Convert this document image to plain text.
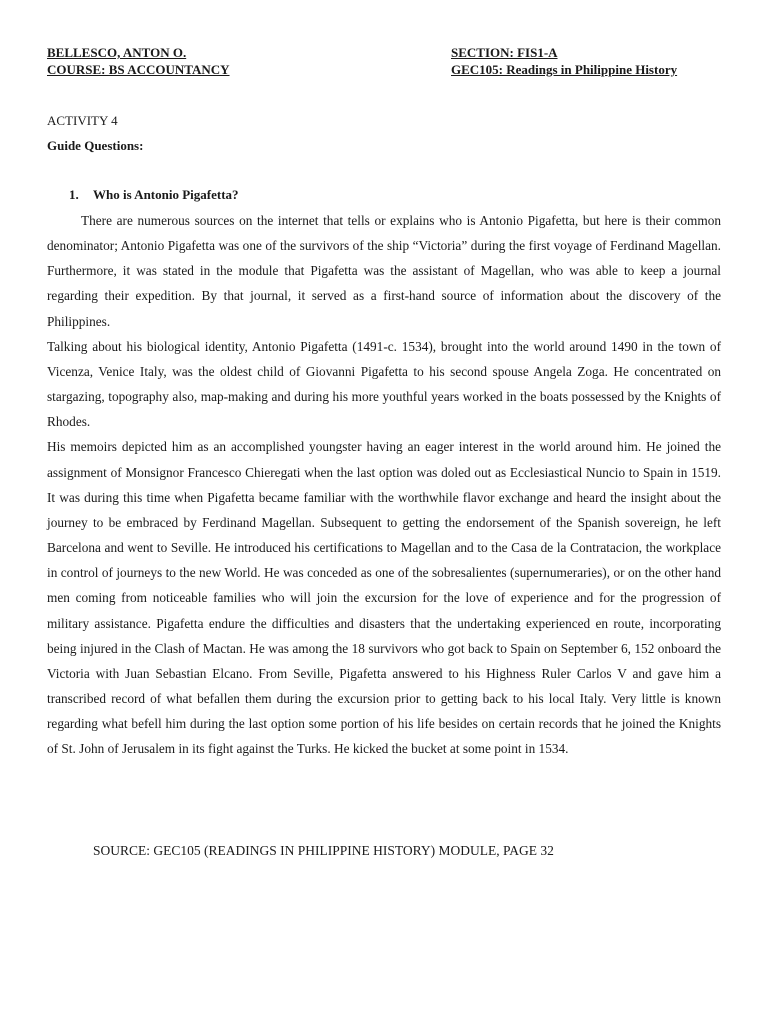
BELLESCO, ANTON O.
COURSE: BS ACCOUNTANCY
SECTION: FIS1-A
GEC105: Readings in Philippine History
ACTIVITY 4
Guide Questions:
1. Who is Antonio Pigafetta?

There are numerous sources on the internet that tells or explains who is Antonio Pigafetta, but here is their common denominator; Antonio Pigafetta was one of the survivors of the ship “Victoria” during the first voyage of Ferdinand Magellan. Furthermore, it was stated in the module that Pigafetta was the assistant of Magellan, who was able to keep a journal regarding their expedition. By that journal, it served as a first-hand source of information about the discovery of the Philippines.

Talking about his biological identity, Antonio Pigafetta (1491-c. 1534), brought into the world around 1490 in the town of Vicenza, Venice Italy, was the oldest child of Giovanni Pigafetta to his second spouse Angela Zoga. He concentrated on stargazing, topography also, map-making and during his more youthful years worked in the boats possessed by the Knights of Rhodes.

His memoirs depicted him as an accomplished youngster having an eager interest in the world around him. He joined the assignment of Monsignor Francesco Chieregati when the last option was doled out as Ecclesiastical Nuncio to Spain in 1519. It was during this time when Pigafetta became familiar with the worthwhile flavor exchange and heard the insight about the journey to be embraced by Ferdinand Magellan. Subsequent to getting the endorsement of the Spanish sovereign, he left Barcelona and went to Seville. He introduced his certifications to Magellan and to the Casa de la Contratacion, the workplace in control of journeys to the new World. He was conceded as one of the sobresalientes (supernumeraries), or on the other hand men coming from noticeable families who will join the excursion for the love of experience and for the progression of military assistance. Pigafetta endure the difficulties and disasters that the undertaking experienced en route, incorporating being injured in the Clash of Mactan. He was among the 18 survivors who got back to Spain on September 6, 152 onboard the Victoria with Juan Sebastian Elcano. From Seville, Pigafetta answered to his Highness Ruler Carlos V and gave him a transcribed record of what befallen them during the excursion prior to getting back to his local Italy. Very little is known regarding what befell him during the last option some portion of his life besides on certain records that he joined the Knights of St. John of Jerusalem in its fight against the Turks. He kicked the bucket at some point in 1534.

SOURCE: GEC105 (READINGS IN PHILIPPINE HISTORY) MODULE, PAGE 32
